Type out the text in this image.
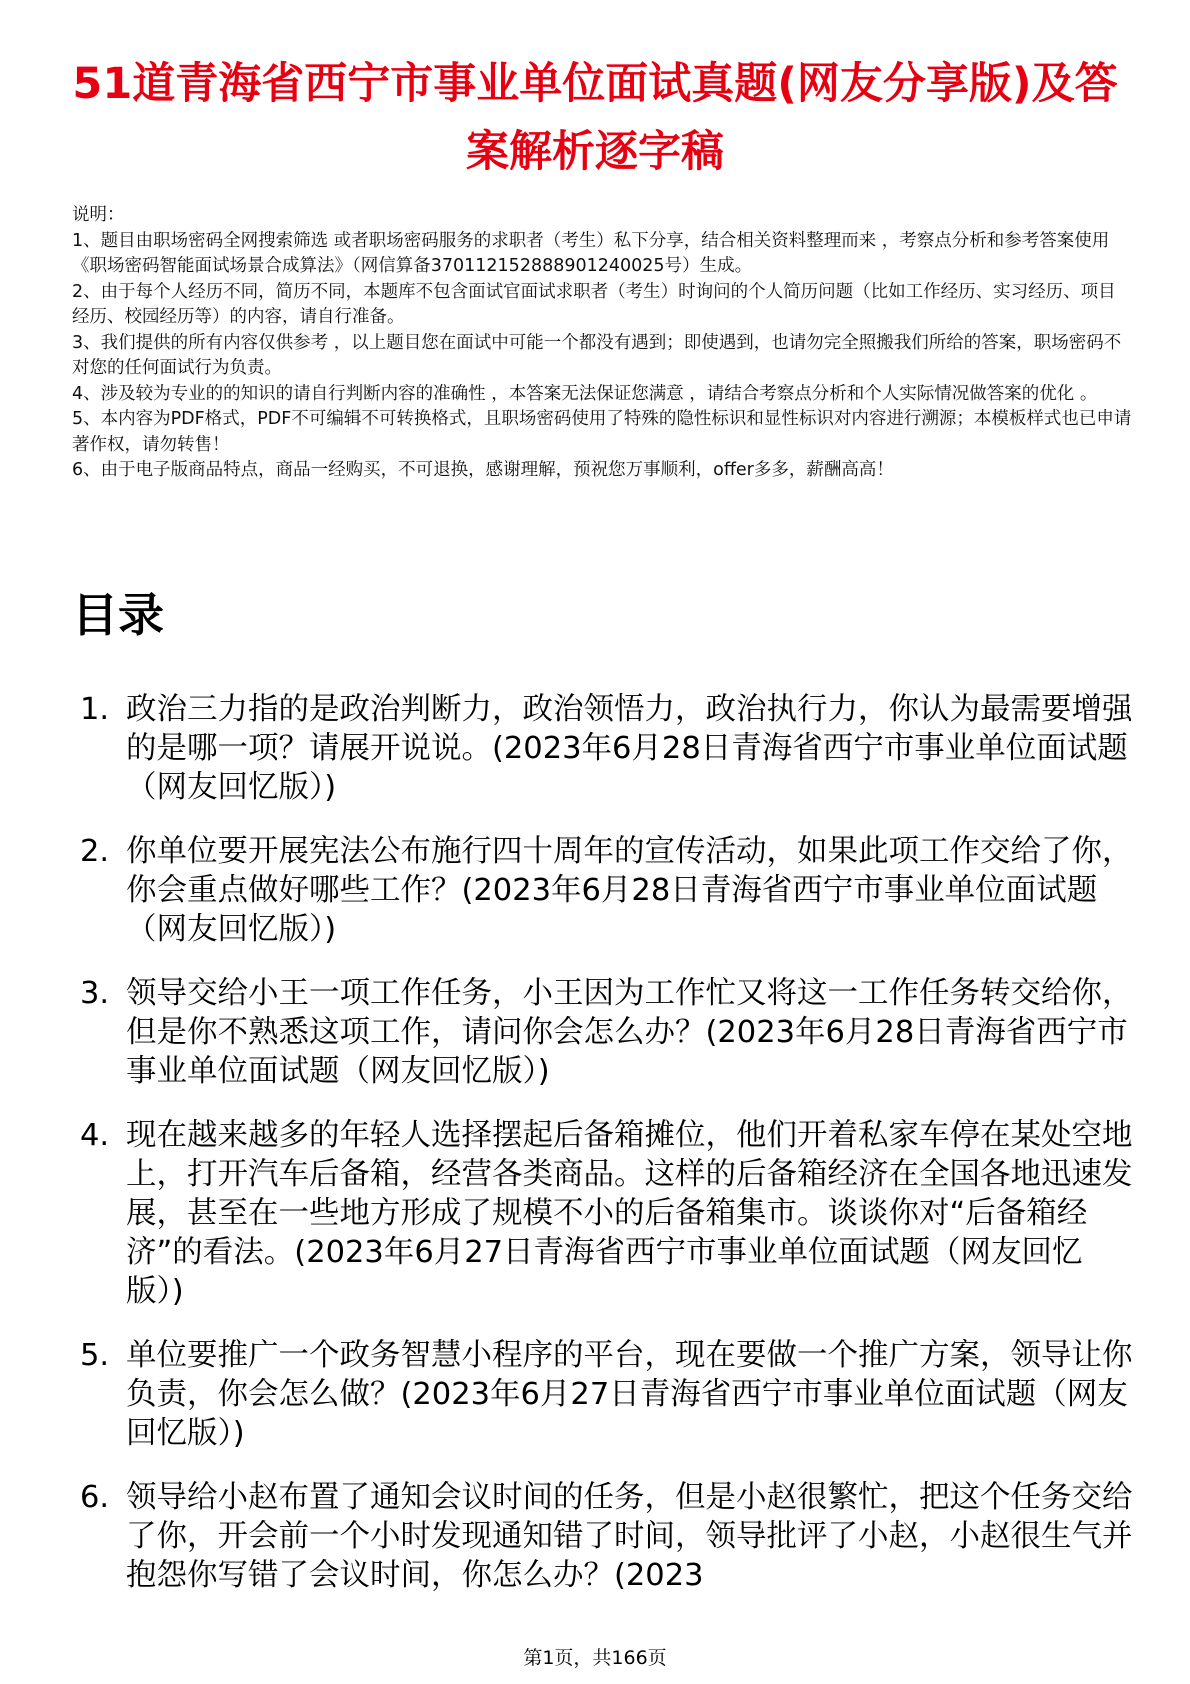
51道青海省西宁市事业单位面试真题(网友分享版)及答案解析逐字稿

说明：

1、题目由职场密码全网搜索筛选 或者职场密码服务的求职者（考生）私下分享，结合相关资料整理而来 ，考察点分析和参考答案使用《职场密码智能面试场景合成算法》（网信算备370112152888901240025号）生成。

2、由于每个人经历不同，简历不同，本题库不包含面试官面试求职者（考生）时询问的个人简历问题（比如工作经历、实习经历、项目经历、校园经历等）的内容，请自行准备。

3、我们提供的所有内容仅供参考 ，以上题目您在面试中可能一个都没有遇到；即使遇到，也请勿完全照搬我们所给的答案，职场密码不对您的任何面试行为负责。

4、涉及较为专业的的知识的请自行判断内容的准确性 ，本答案无法保证您满意 ，请结合考察点分析和个人实际情况做答案的优化 。

5、本内容为PDF格式，PDF不可编辑不可转换格式，且职场密码使用了特殊的隐性标识和显性标识对内容进行溯源；本模板样式也已申请著作权，请勿转售！

6、由于电子版商品特点，商品一经购买，不可退换，感谢理解，预祝您万事顺利，offer多多，薪酬高高！

目录
1. 政治三力指的是政治判断力，政治领悟力，政治执行力，你认为最需要增强的是哪一项？请展开说说。(2023年6月28日青海省西宁市事业单位面试题（网友回忆版）)
2. 你单位要开展宪法公布施行四十周年的宣传活动，如果此项工作交给了你，你会重点做好哪些工作？(2023年6月28日青海省西宁市事业单位面试题（网友回忆版）)
3. 领导交给小王一项工作任务，小王因为工作忙又将这一工作任务转交给你，但是你不熟悉这项工作，请问你会怎么办？(2023年6月28日青海省西宁市事业单位面试题（网友回忆版）)
4. 现在越来越多的年轻人选择摆起后备箱摊位，他们开着私家车停在某处空地上，打开汽车后备箱，经营各类商品。这样的后备箱经济在全国各地迅速发展，甚至在一些地方形成了规模不小的后备箱集市。谈谈你对“后备箱经济”的看法。(2023年6月27日青海省西宁市事业单位面试题（网友回忆版）)
5. 单位要推广一个政务智慧小程序的平台，现在要做一个推广方案，领导让你负责，你会怎么做？(2023年6月27日青海省西宁市事业单位面试题（网友回忆版）)
6. 领导给小赵布置了通知会议时间的任务，但是小赵很繁忙，把这个任务交给了你，开会前一个小时发现通知错了时间，领导批评了小赵，小赵很生气并抱怨你写错了会议时间，你怎么办？(2023
第1页，共166页
